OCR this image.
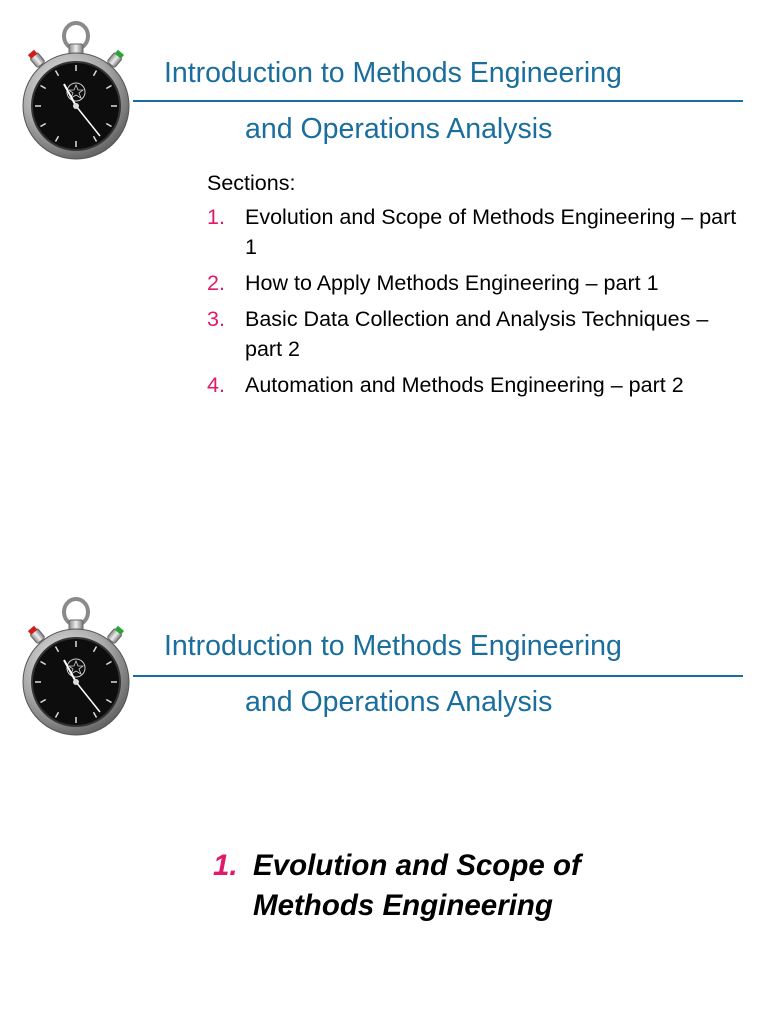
Introduction to Methods Engineering
and Operations Analysis

Sections:

1. Evolution and Scope of Methods Engineering – part 1
2. How to Apply Methods Engineering – part 1
3. Basic Data Collection and Analysis Techniques – part 2
4. Automation and Methods Engineering – part 2
Introduction to Methods Engineering
and Operations Analysis
1. Evolution and Scope of
Methods Engineering
